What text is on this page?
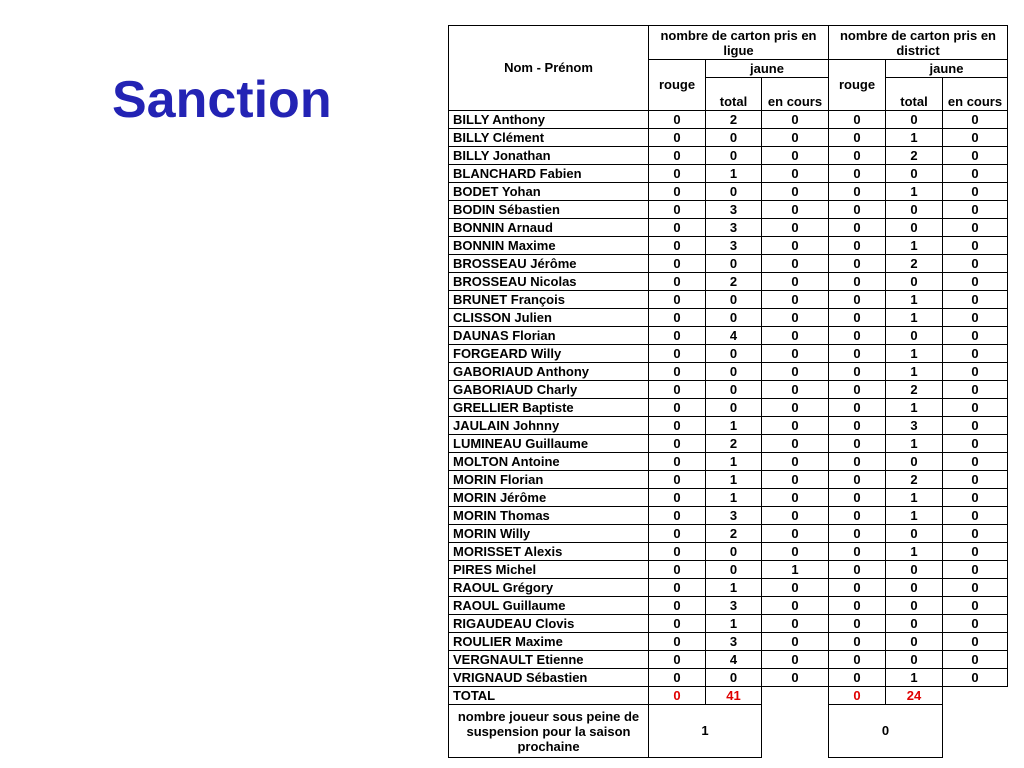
Sanction
Nom - Prénom	nombre de carton pris en ligue			nombre de carton pris en district		
	rouge	jaune		rouge	jaune	
		total	en cours		total	en cours
BILLY Anthony	0	2	0	0	0	0
BILLY Clément	0	0	0	0	1	0
BILLY Jonathan	0	0	0	0	2	0
BLANCHARD Fabien	0	1	0	0	0	0
BODET Yohan	0	0	0	0	1	0
BODIN Sébastien	0	3	0	0	0	0
BONNIN Arnaud	0	3	0	0	0	0
BONNIN Maxime	0	3	0	0	1	0
BROSSEAU Jérôme	0	0	0	0	2	0
BROSSEAU Nicolas	0	2	0	0	0	0
BRUNET François	0	0	0	0	1	0
CLISSON Julien	0	0	0	0	1	0
DAUNAS Florian	0	4	0	0	0	0
FORGEARD Willy	0	0	0	0	1	0
GABORIAUD Anthony	0	0	0	0	1	0
GABORIAUD Charly	0	0	0	0	2	0
GRELLIER Baptiste	0	0	0	0	1	0
JAULAIN Johnny	0	1	0	0	3	0
LUMINEAU Guillaume	0	2	0	0	1	0
MOLTON Antoine	0	1	0	0	0	0
MORIN Florian	0	1	0	0	2	0
MORIN Jérôme	0	1	0	0	1	0
MORIN Thomas	0	3	0	0	1	0
MORIN Willy	0	2	0	0	0	0
MORISSET Alexis	0	0	0	0	1	0
PIRES Michel	0	0	1	0	0	0
RAOUL Grégory	0	1	0	0	0	0
RAOUL Guillaume	0	3	0	0	0	0
RIGAUDEAU Clovis	0	1	0	0	0	0
ROULIER Maxime	0	3	0	0	0	0
VERGNAULT Etienne	0	4	0	0	0	0
VRIGNAUD Sébastien	0	0	0	0	1	0
TOTAL	0	41		0	24	
nombre joueur sous peine de suspension pour la saison prochaine	1			0		
